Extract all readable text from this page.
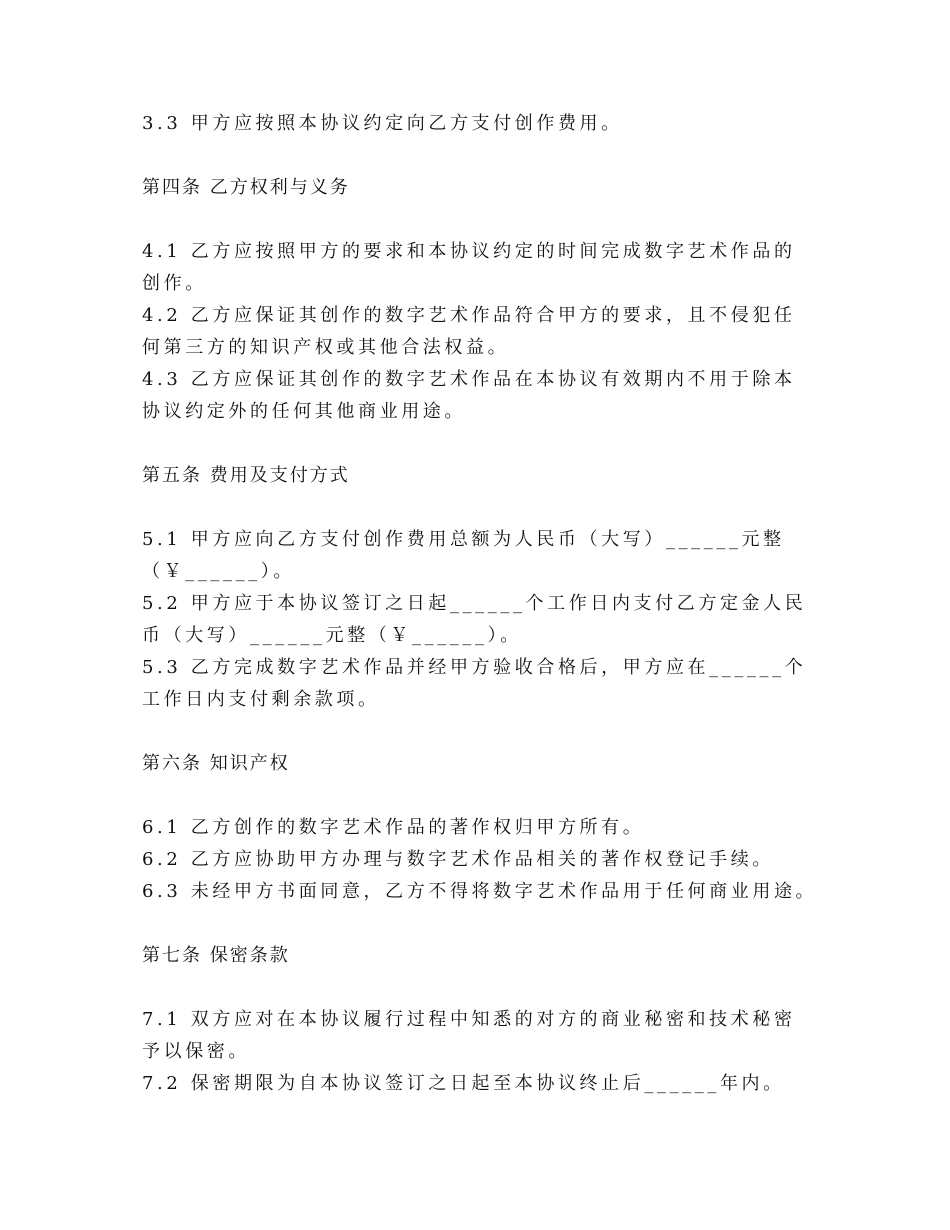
3.3 甲方应按照本协议约定向乙方支付创作费用。
第四条 乙方权利与义务
4.1 乙方应按照甲方的要求和本协议约定的时间完成数字艺术作品的
创作。
4.2 乙方应保证其创作的数字艺术作品符合甲方的要求，且不侵犯任
何第三方的知识产权或其他合法权益。
4.3 乙方应保证其创作的数字艺术作品在本协议有效期内不用于除本
协议约定外的任何其他商业用途。
第五条 费用及支付方式
5.1 甲方应向乙方支付创作费用总额为人民币（大写）______元整
（￥______）。
5.2 甲方应于本协议签订之日起______个工作日内支付乙方定金人民
币（大写）______元整（￥______）。
5.3 乙方完成数字艺术作品并经甲方验收合格后，甲方应在______个
工作日内支付剩余款项。
第六条 知识产权
6.1 乙方创作的数字艺术作品的著作权归甲方所有。
6.2 乙方应协助甲方办理与数字艺术作品相关的著作权登记手续。
6.3 未经甲方书面同意，乙方不得将数字艺术作品用于任何商业用途。
第七条 保密条款
7.1 双方应对在本协议履行过程中知悉的对方的商业秘密和技术秘密
予以保密。
7.2 保密期限为自本协议签订之日起至本协议终止后______年内。
